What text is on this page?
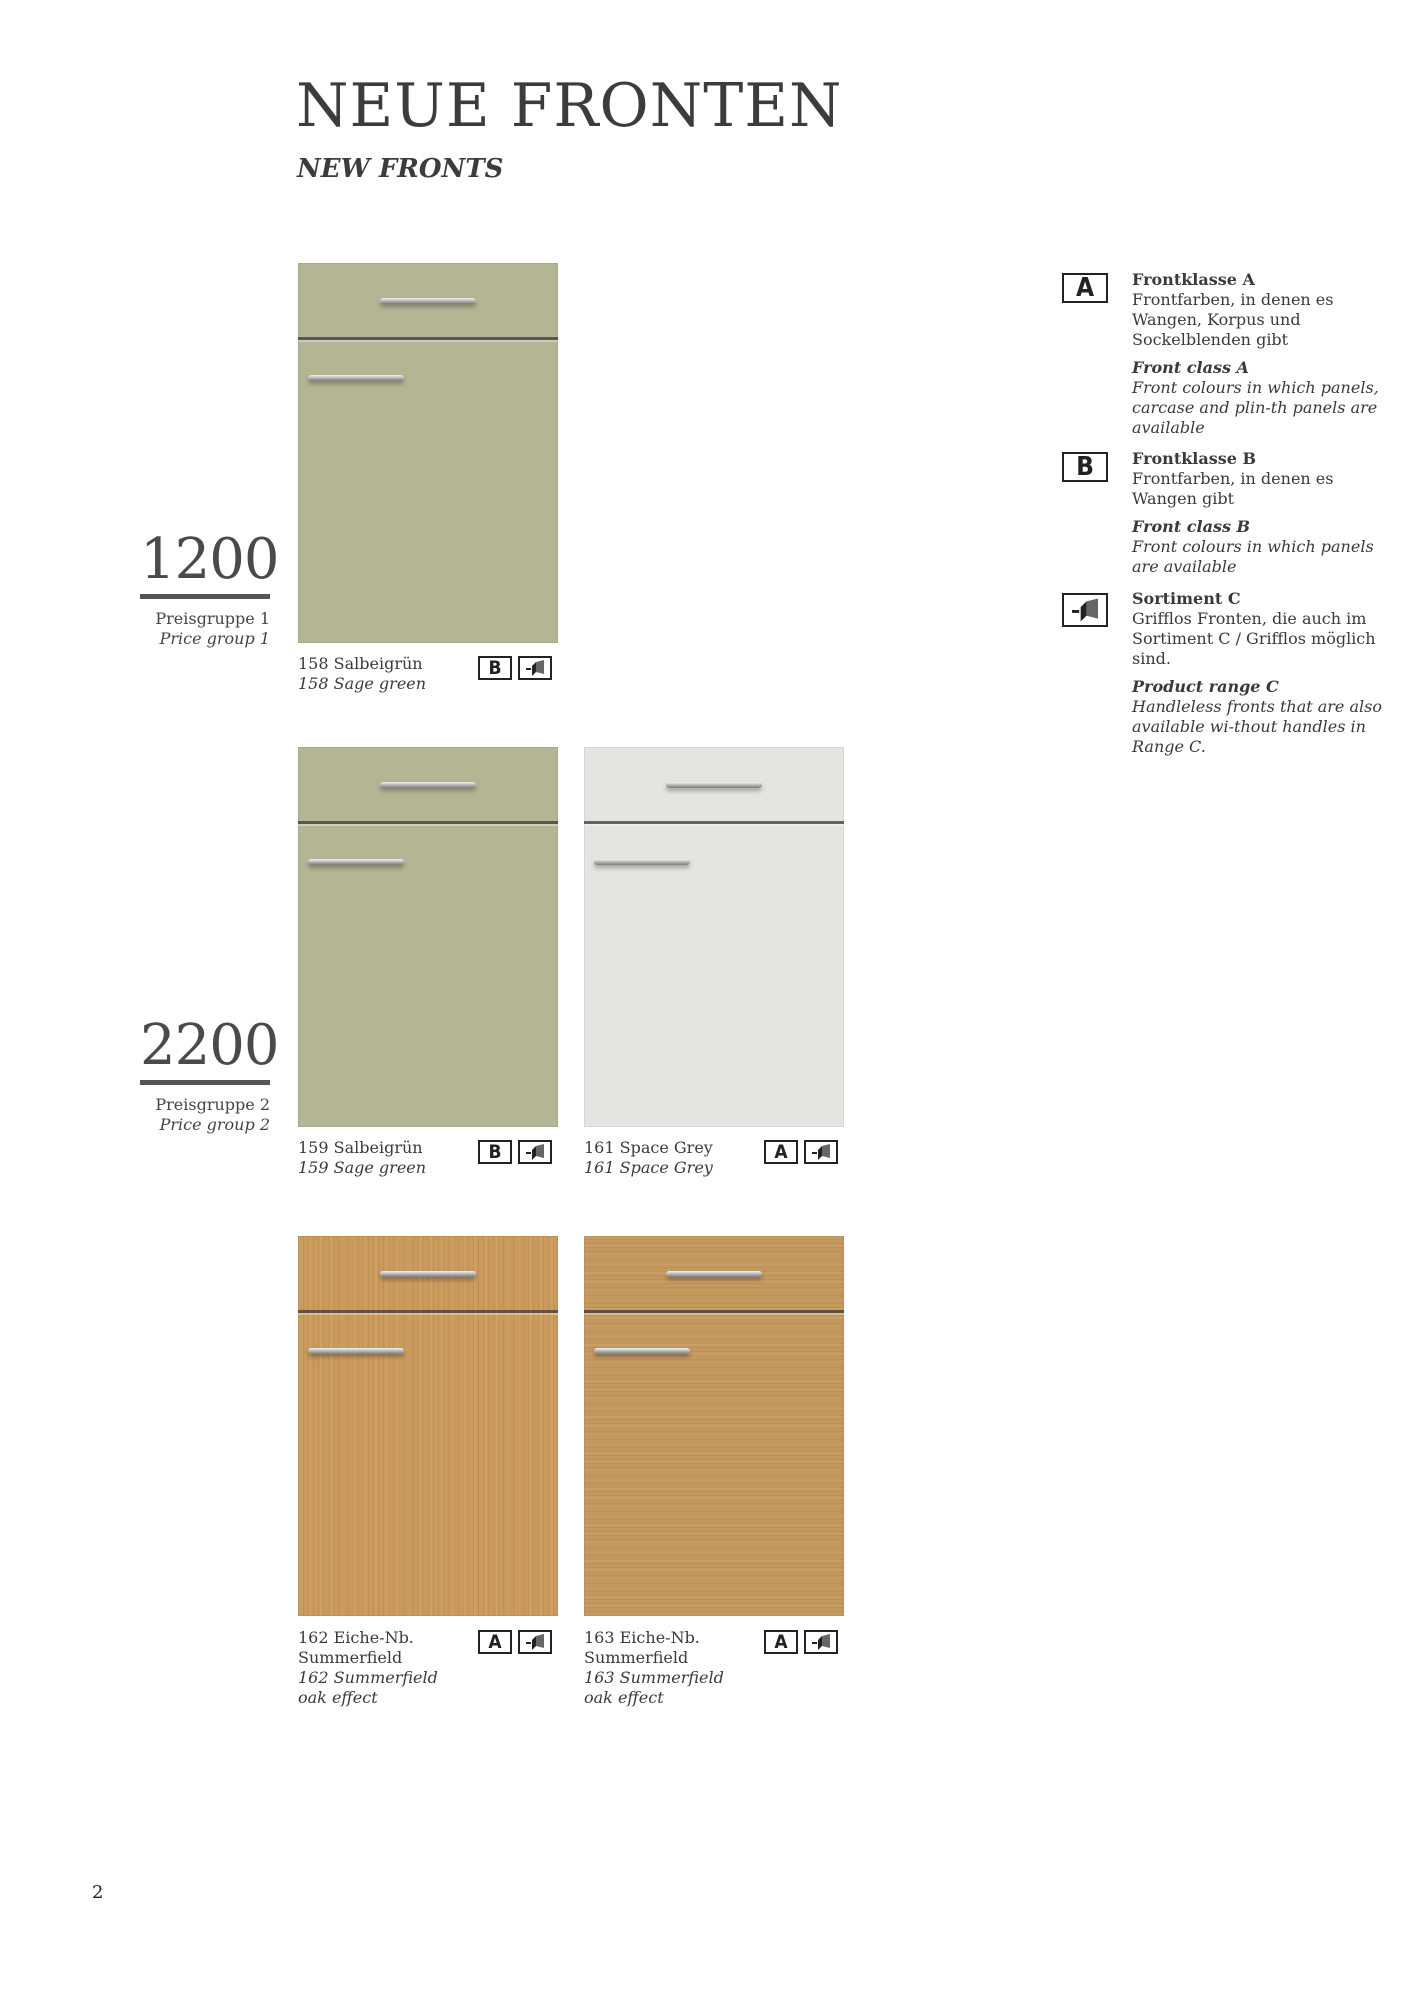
NEUE FRONTEN
NEW FRONTS
1200
Preisgruppe 1
Price group 1
2200
Preisgruppe 2
Price group 2
158 Salbeigrün
158 Sage green
B
159 Salbeigrün
159 Sage green
B	161 Space Grey
161 Space Grey
A
162 Eiche-Nb. Summerfield
162 Summerfield oak effect
A	163 Eiche-Nb. Summerfield
163 Summerfield oak effect
A
A	Frontklasse A
Frontfarben, in denen es Wangen, Korpus und Sockelblenden gibt
Front class A
Front colours in which panels, carcase and plin-th panels are available
B	Frontklasse B
Frontfarben, in denen es Wangen gibt
Front class B
Front colours in which panels are available
Sortiment C
Grifflos Fronten, die auch im Sortiment C / Grifflos möglich sind.
Product range C
Handleless fronts that are also available wi-thout handles in Range C.
2
